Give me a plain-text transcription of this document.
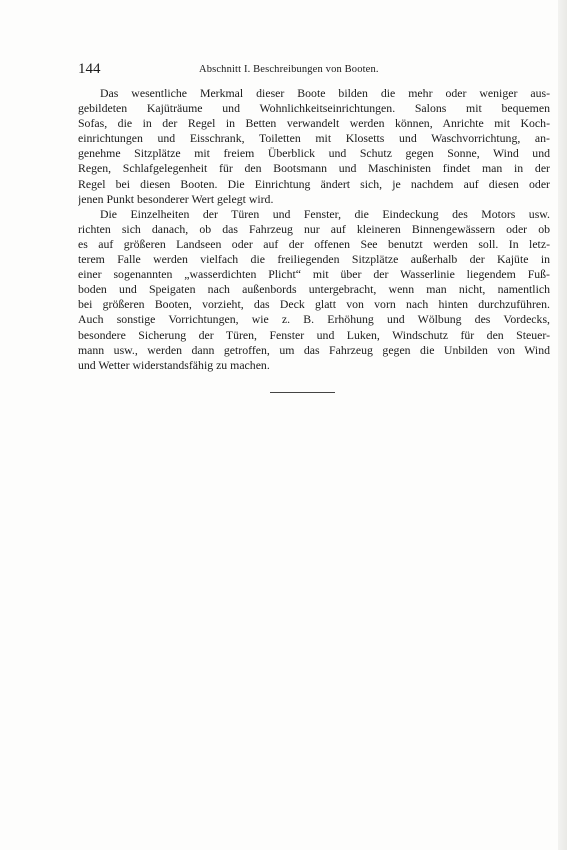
144	Abschnitt I. Beschreibungen von Booten.

Das wesentliche Merkmal dieser Boote bilden die mehr oder weniger aus-
gebildeten Kajüträume und Wohnlichkeitseinrichtungen. Salons mit bequemen
Sofas, die in der Regel in Betten verwandelt werden können, Anrichte mit Koch-
einrichtungen und Eisschrank, Toiletten mit Klosetts und Waschvorrichtung, an-
genehme Sitzplätze mit freiem Überblick und Schutz gegen Sonne, Wind und
Regen, Schlafgelegenheit für den Bootsmann und Maschinisten findet man in der
Regel bei diesen Booten. Die Einrichtung ändert sich, je nachdem auf diesen oder
jenen Punkt besonderer Wert gelegt wird.

Die Einzelheiten der Türen und Fenster, die Eindeckung des Motors usw.
richten sich danach, ob das Fahrzeug nur auf kleineren Binnengewässern oder ob
es auf größeren Landseen oder auf der offenen See benutzt werden soll. In letz-
terem Falle werden vielfach die freiliegenden Sitzplätze außerhalb der Kajüte in
einer sogenannten „wasserdichten Plicht“ mit über der Wasserlinie liegendem Fuß-
boden und Speigaten nach außenbords untergebracht, wenn man nicht, namentlich
bei größeren Booten, vorzieht, das Deck glatt von vorn nach hinten durchzuführen.
Auch sonstige Vorrichtungen, wie z. B. Erhöhung und Wölbung des Vordecks,
besondere Sicherung der Türen, Fenster und Luken, Windschutz für den Steuer-
mann usw., werden dann getroffen, um das Fahrzeug gegen die Unbilden von Wind
und Wetter widerstandsfähig zu machen.
